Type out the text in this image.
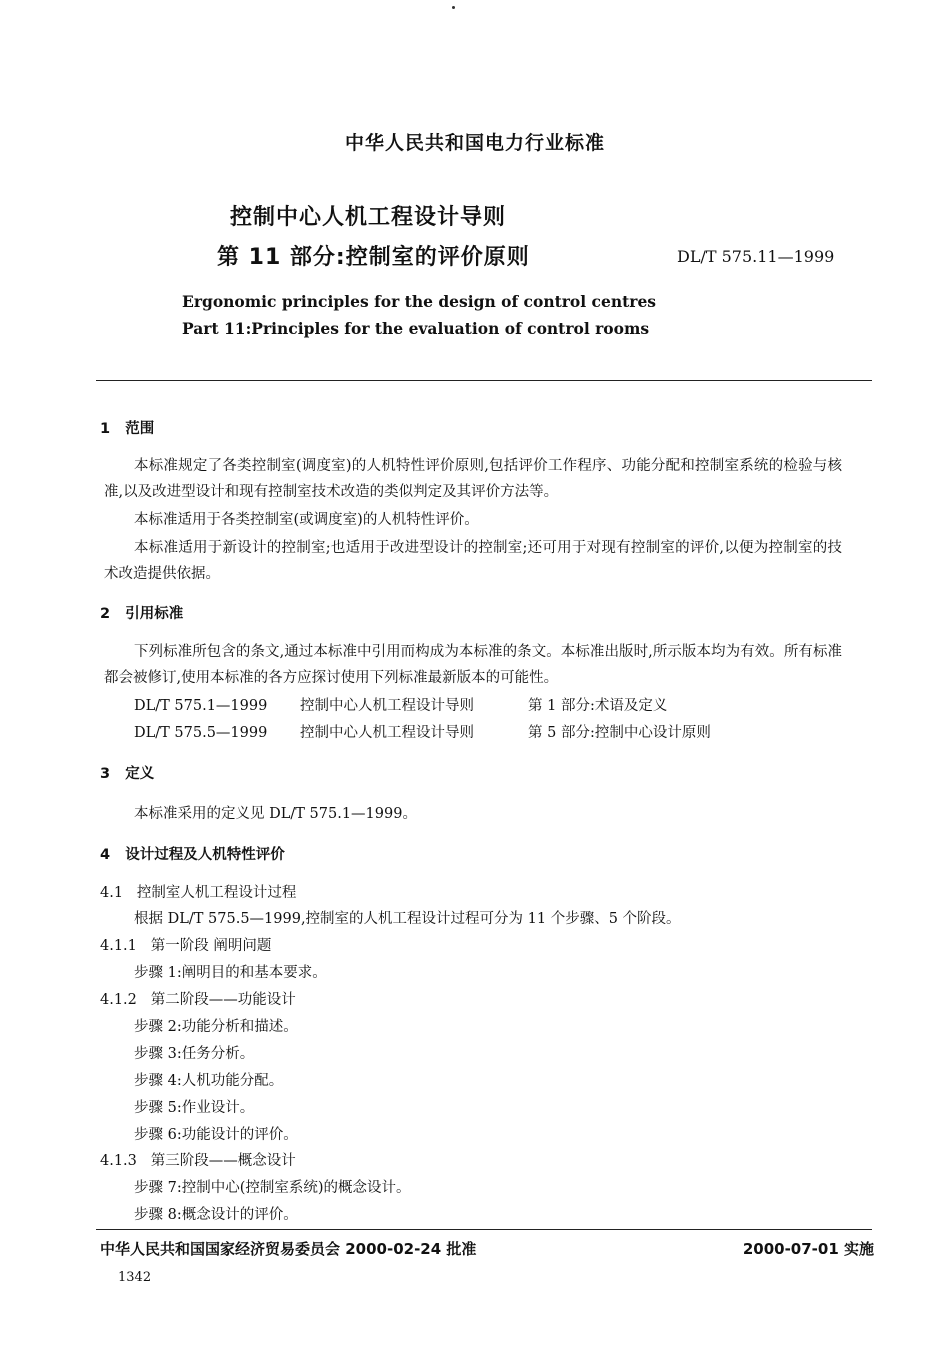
中华人民共和国电力行业标准
控制中心人机工程设计导则
第 11 部分:控制室的评价原则	DL/T 575.11—1999
Ergonomic principles for the design of control centres
Part 11:Principles for the evaluation of control rooms
1 范围
本标准规定了各类控制室(调度室)的人机特性评价原则,包括评价工作程序、功能分配和控制室系统的检验与核准,以及改进型设计和现有控制室技术改造的类似判定及其评价方法等。
本标准适用于各类控制室(或调度室)的人机特性评价。
本标准适用于新设计的控制室;也适用于改进型设计的控制室;还可用于对现有控制室的评价,以便为控制室的技术改造提供依据。
2 引用标准
下列标准所包含的条文,通过本标准中引用而构成为本标准的条文。本标准出版时,所示版本均为有效。所有标准都会被修订,使用本标准的各方应探讨使用下列标准最新版本的可能性。
DL/T 575.1—1999 控制中心人机工程设计导则	第 1 部分:术语及定义
DL/T 575.5—1999 控制中心人机工程设计导则	第 5 部分:控制中心设计原则
3 定义
本标准采用的定义见 DL/T 575.1—1999。
4 设计过程及人机特性评价
4.1 控制室人机工程设计过程
根据 DL/T 575.5—1999,控制室的人机工程设计过程可分为 11 个步骤、5 个阶段。
4.1.1 第一阶段 阐明问题
步骤 1:阐明目的和基本要求。
4.1.2 第二阶段——功能设计
步骤 2:功能分析和描述。
步骤 3:任务分析。
步骤 4:人机功能分配。
步骤 5:作业设计。
步骤 6:功能设计的评价。
4.1.3 第三阶段——概念设计
步骤 7:控制中心(控制室系统)的概念设计。
步骤 8:概念设计的评价。
中华人民共和国国家经济贸易委员会 2000-02-24 批准	2000-07-01 实施
1342
